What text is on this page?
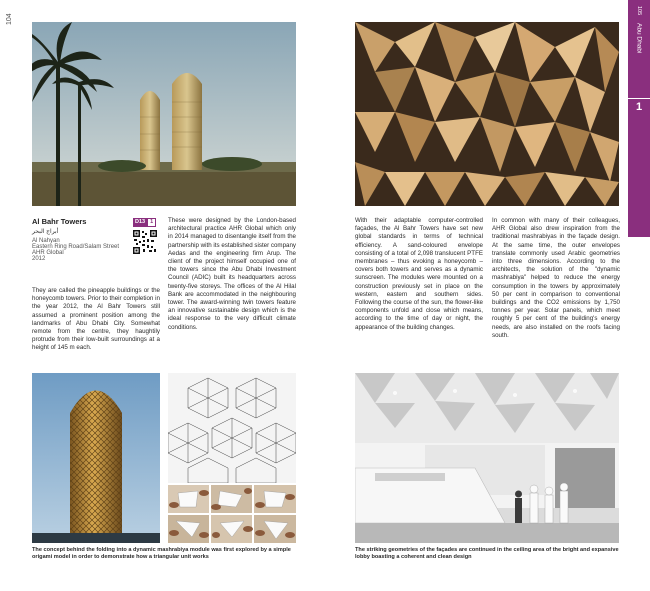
104
105
Abu Dhabi
1
Al Bahr Towers
أبراج البحر
Al Nahyan
Eastern Ring Road/Salam Street
AHR Global
2012
D13 1

They are called the pineapple buildings or the honeycomb towers. Prior to their completion in the year 2012, the Al Bahr Towers still assumed a prominent position among the landmarks of Abu Dhabi City. Somewhat remote from the centre, they haughtily protrude from their low-built surroundings at a height of 145 m each.

These were designed by the London-based architectural practice AHR Global which only in 2014 managed to disentangle itself from the partnership with its established sister company Aedas and the engineering firm Arup. The client of the project himself occupied one of the towers since the Abu Dhabi Investment Council (ADIC) built its headquarters across twenty-five storeys. The offices of the Al Hilal Bank are accommodated in the neighbouring tower. The award-winning twin towers feature an innovative sustainable design which is the ideal response to the very difficult climate conditions.

With their adaptable computer-controlled façades, the Al Bahr Towers have set new global standards in terms of technical efficiency. A sand-coloured envelope consisting of a total of 2,098 translucent PTFE membranes – thus evoking a honeycomb – covers both towers and serves as a dynamic sunscreen. The modules were mounted on a construction previously set in place on the western, eastern and southern sides. Following the course of the sun, the flower-like components unfold and close which means, according to the time of day or night, the appearance of the building changes.

In common with many of their colleagues, AHR Global also drew inspiration from the traditional mashrabiyas in the façade design. At the same time, the outer envelopes translate commonly used Arabic geometries into three dimensions. According to the architects, the solution of the "dynamic mashrabiya" helped to reduce the energy consumption in the towers by approximately 50 per cent in comparison to conventional buildings and the CO2 emissions by 1,750 tonnes per year. Solar panels, which meet roughly 5 per cent of the building's energy needs, are also installed on the roofs facing south.

The concept behind the folding into a dynamic mashrabiya module was first explored by a simple origami model in order to demonstrate how a triangular unit works

The striking geometries of the façades are continued in the ceiling area of the bright and expansive lobby boasting a coherent and clean design
